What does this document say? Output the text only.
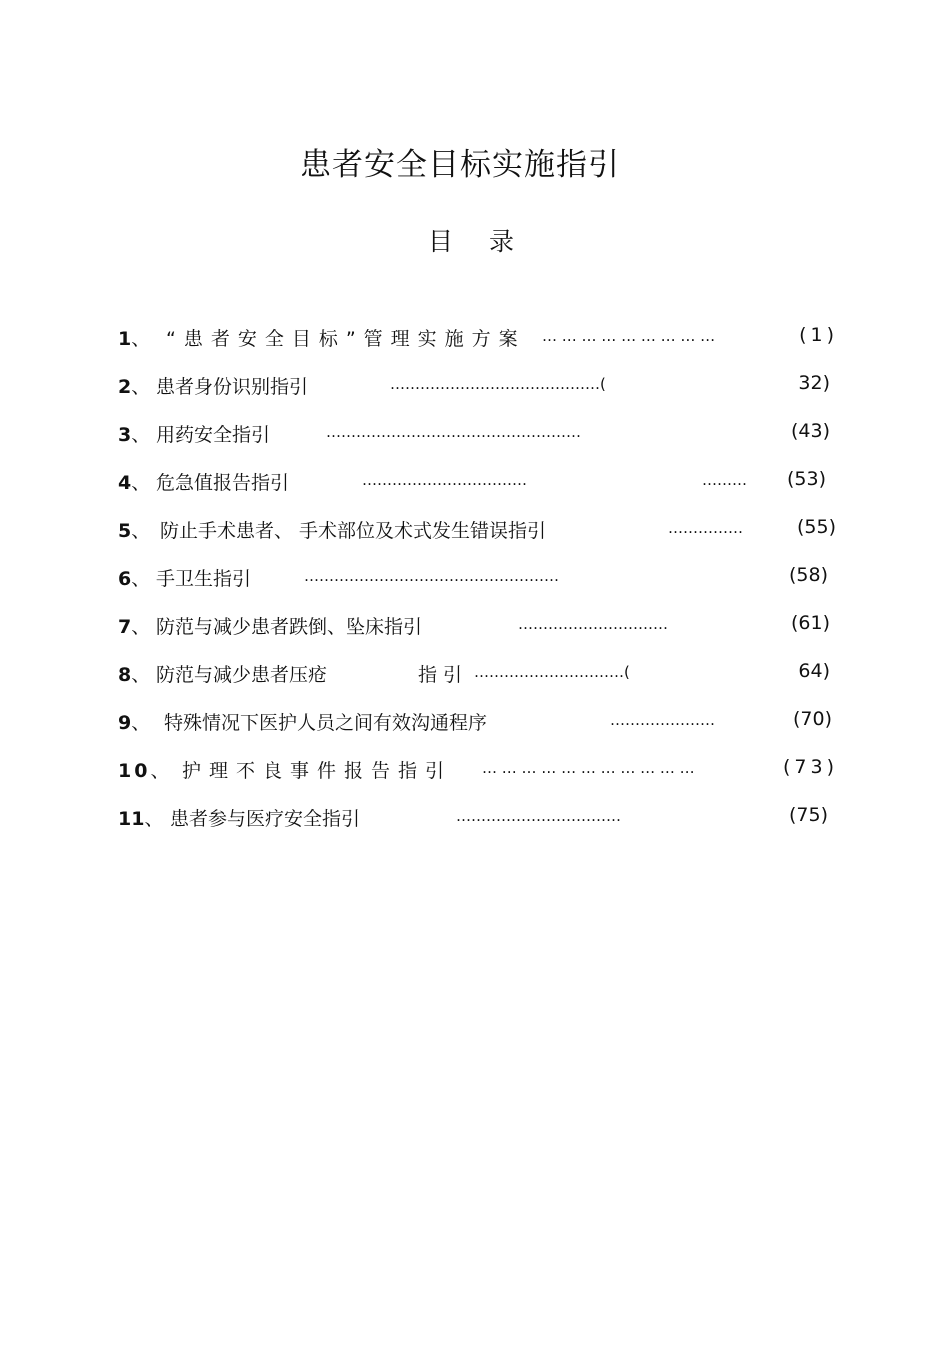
患者安全目标实施指引
目 录
1、 “患者安全目标”管理实施方案 … … … … … … … … …	(1)
2、 患者身份识别指引	……………………………………(	32)
3、 用药安全指引	……………………………………………	(43)
4、 危急值报告指引	……………………………	……… (53)
5、 防止手术患者、 手术部位及术式发生错误指引	……………	(55)
6、 手卫生指引	……………………………………………	(58)
7、 防范与减少患者跌倒、坠床指引	…………………………	(61)
8、 防范与减少患者压疮	指 引 …………………………(	64)
9、 特殊情况下医护人员之间有效沟通程序	…………………	(70)
10、 护理不良事件报告指引 … … … … … … … … … … …	(73)
11、 患者参与医疗安全指引	……………………………	(75)
